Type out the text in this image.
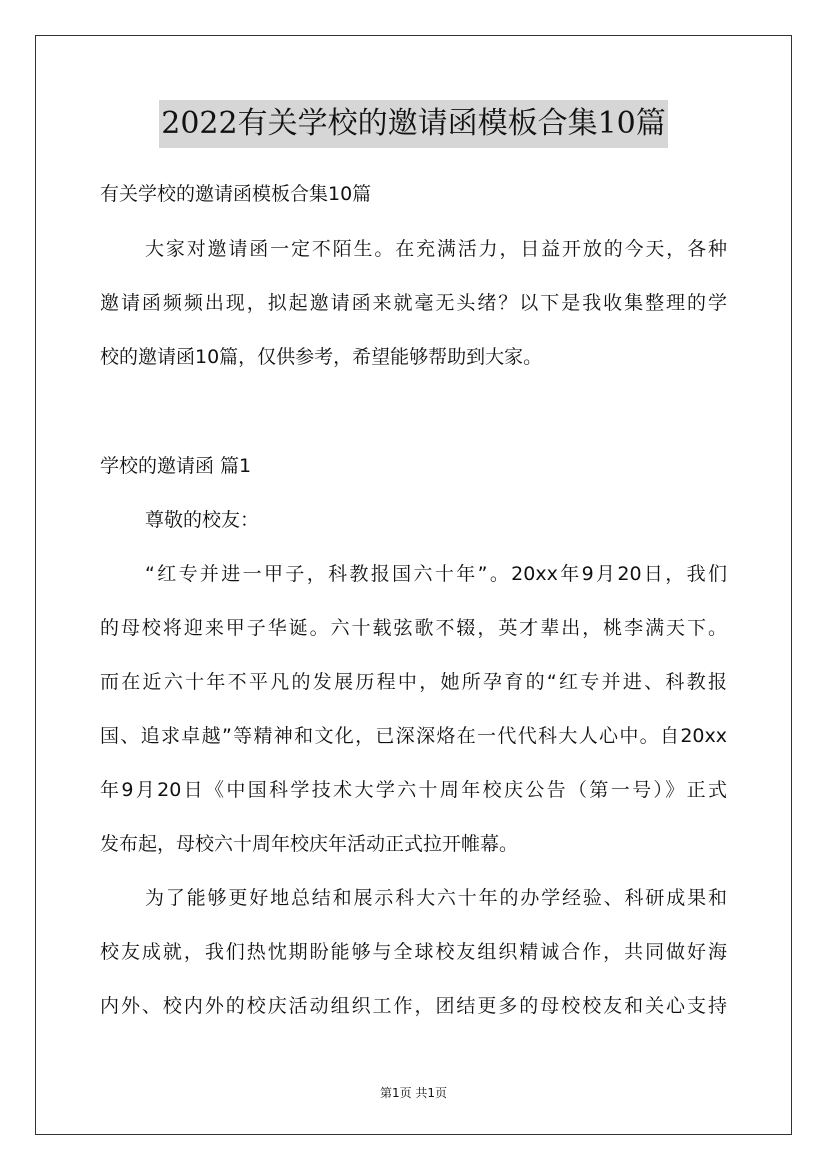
2022有关学校的邀请函模板合集10篇
有关学校的邀请函模板合集10篇
大家对邀请函一定不陌生。在充满活力，日益开放的今天，各种
邀请函频频出现，拟起邀请函来就毫无头绪？以下是我收集整理的学
校的邀请函10篇，仅供参考，希望能够帮助到大家。
学校的邀请函 篇1
尊敬的校友：
“红专并进一甲子，科教报国六十年”。20xx年9月20日，我们
的母校将迎来甲子华诞。六十载弦歌不辍，英才辈出，桃李满天下。
而在近六十年不平凡的发展历程中，她所孕育的“红专并进、科教报
国、追求卓越”等精神和文化，已深深烙在一代代科大人心中。自20xx
年9月20日《中国科学技术大学六十周年校庆公告（第一号）》正式
发布起，母校六十周年校庆年活动正式拉开帷幕。
为了能够更好地总结和展示科大六十年的办学经验、科研成果和
校友成就，我们热忱期盼能够与全球校友组织精诚合作，共同做好海
内外、校内外的校庆活动组织工作，团结更多的母校校友和关心支持
第1页 共1页
